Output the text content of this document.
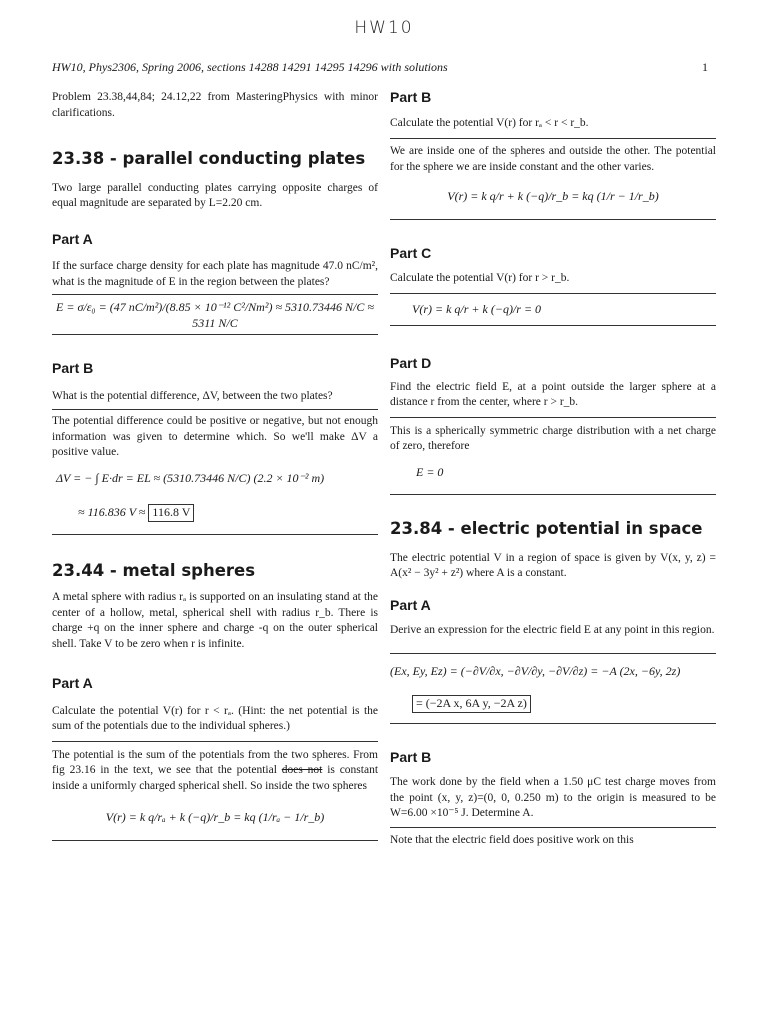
HW10
HW10, Phys2306, Spring 2006, sections 14288 14291 14295 14296 with solutions	1

Problem 23.38,44,84; 24.12,22 from MasteringPhysics with minor clarifications.

23.38 - parallel conducting plates

Two large parallel conducting plates carrying opposite charges of equal magnitude are separated by L=2.20 cm.

Part A

If the surface charge density for each plate has magnitude 47.0 nC/m², what is the magnitude of E in the region between the plates?

E = σ/ε₀ = (47 nC/m²)/(8.85 × 10⁻¹² C²/Nm²) ≈ 5310.73446 N/C ≈ 5311 N/C
Part B

What is the potential difference, ΔV, between the two plates?

The potential difference could be positive or negative, but not enough information was given to determine which. So we'll make ΔV a positive value.

ΔV = − ∫ E·dr = EL ≈ (5310.73446 N/C) (2.2 × 10⁻² m)
≈ 116.836 V ≈ 116.8 V
23.44 - metal spheres

A metal sphere with radius rₐ is supported on an insulating stand at the center of a hollow, metal, spherical shell with radius r_b. There is charge +q on the inner sphere and charge -q on the outer spherical shell. Take V to be zero when r is infinite.

Part A

Calculate the potential V(r) for r < rₐ. (Hint: the net potential is the sum of the potentials due to the individual spheres.)

The potential is the sum of the potentials from the two spheres. From fig 23.16 in the text, we see that the potential does not is constant inside a uniformly charged spherical shell. So inside the two spheres

V(r) = k q/rₐ + k (−q)/r_b = kq (1/rₐ − 1/r_b)
Part B

Calculate the potential V(r) for rₐ < r < r_b.

We are inside one of the spheres and outside the other. The potential for the sphere we are inside constant and the other varies.

V(r) = k q/r + k (−q)/r_b = kq (1/r − 1/r_b)
Part C

Calculate the potential V(r) for r > r_b.

V(r) = k q/r + k (−q)/r = 0
Part D

Find the electric field E, at a point outside the larger sphere at a distance r from the center, where r > r_b.

This is a spherically symmetric charge distribution with a net charge of zero, therefore

E = 0
23.84 - electric potential in space

The electric potential V in a region of space is given by V(x, y, z) = A(x² − 3y² + z²) where A is a constant.

Part A

Derive an expression for the electric field E at any point in this region.

(Ex, Ey, Ez) = (−∂V/∂x, −∂V/∂y, −∂V/∂z) = −A (2x, −6y, 2z)
= (−2A x, 6A y, −2A z)
Part B

The work done by the field when a 1.50 μC test charge moves from the point (x, y, z)=(0, 0, 0.250 m) to the origin is measured to be W=6.00 ×10⁻⁵ J. Determine A.

Note that the electric field does positive work on this
